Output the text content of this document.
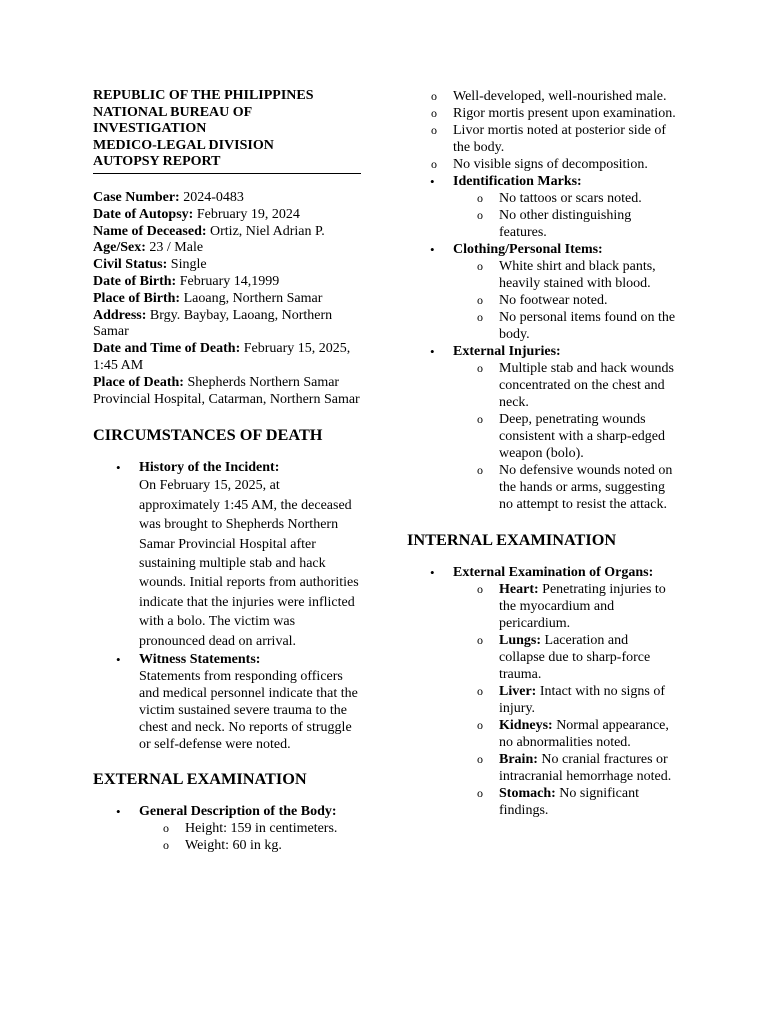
REPUBLIC OF THE PHILIPPINES
NATIONAL BUREAU OF INVESTIGATION
MEDICO-LEGAL DIVISION
AUTOPSY REPORT
Case Number: 2024-0483
Date of Autopsy: February 19, 2024
Name of Deceased: Ortiz, Niel Adrian P.
Age/Sex: 23 / Male
Civil Status: Single
Date of Birth: February 14,1999
Place of Birth: Laoang, Northern Samar
Address: Brgy. Baybay, Laoang, Northern Samar
Date and Time of Death: February 15, 2025, 1:45 AM
Place of Death: Shepherds Northern Samar Provincial Hospital, Catarman, Northern Samar
CIRCUMSTANCES OF DEATH
• History of the Incident:
On February 15, 2025, at approximately 1:45 AM, the deceased was brought to Shepherds Northern Samar Provincial Hospital after sustaining multiple stab and hack wounds. Initial reports from authorities indicate that the injuries were inflicted with a bolo. The victim was pronounced dead on arrival.
• Witness Statements:
Statements from responding officers and medical personnel indicate that the victim sustained severe trauma to the chest and neck. No reports of struggle or self-defense were noted.
EXTERNAL EXAMINATION
• General Description of the Body:
o Height: 159 in centimeters.
o Weight: 60 in kg.
o Well-developed, well-nourished male.
o Rigor mortis present upon examination.
o Livor mortis noted at posterior side of the body.
o No visible signs of decomposition.
• Identification Marks:
o No tattoos or scars noted.
o No other distinguishing features.
• Clothing/Personal Items:
o White shirt and black pants, heavily stained with blood.
o No footwear noted.
o No personal items found on the body.
• External Injuries:
o Multiple stab and hack wounds concentrated on the chest and neck.
o Deep, penetrating wounds consistent with a sharp-edged weapon (bolo).
o No defensive wounds noted on the hands or arms, suggesting no attempt to resist the attack.
INTERNAL EXAMINATION
• External Examination of Organs:
o Heart: Penetrating injuries to the myocardium and pericardium.
o Lungs: Laceration and collapse due to sharp-force trauma.
o Liver: Intact with no signs of injury.
o Kidneys: Normal appearance, no abnormalities noted.
o Brain: No cranial fractures or intracranial hemorrhage noted.
o Stomach: No significant findings.
